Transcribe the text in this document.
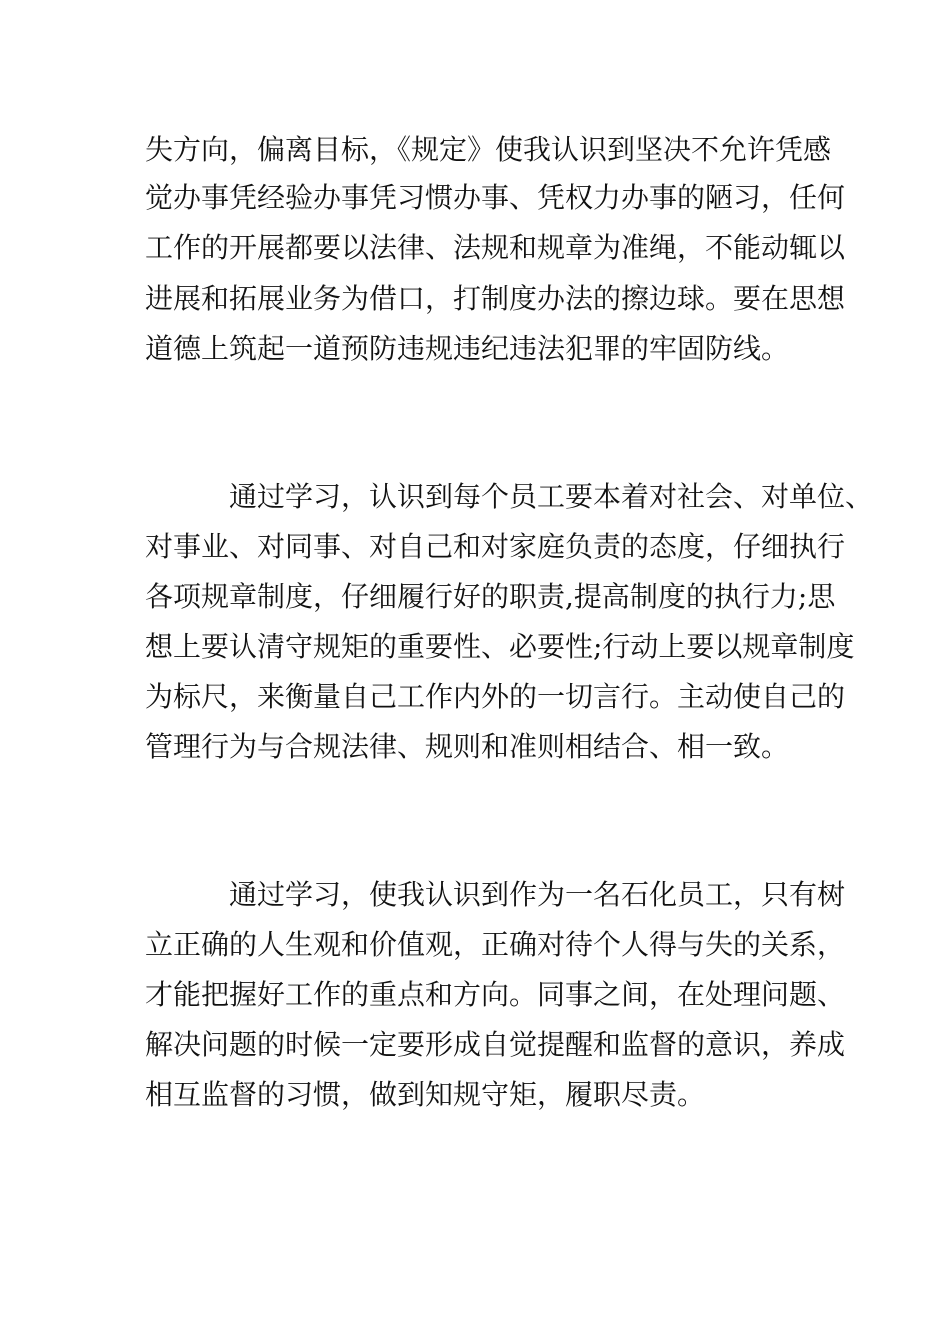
失方向，偏离目标，《规定》使我认识到坚决不允许凭感
觉办事凭经验办事凭习惯办事、凭权力办事的陋习，任何
工作的开展都要以法律、法规和规章为准绳，不能动辄以
进展和拓展业务为借口，打制度办法的擦边球。要在思想
道德上筑起一道预防违规违纪违法犯罪的牢固防线。
通过学习，认识到每个员工要本着对社会、对单位、
对事业、对同事、对自己和对家庭负责的态度，仔细执行
各项规章制度，仔细履行好的职责,提高制度的执行力;思
想上要认清守规矩的重要性、必要性;行动上要以规章制度
为标尺，来衡量自己工作内外的一切言行。主动使自己的
管理行为与合规法律、规则和准则相结合、相一致。
通过学习，使我认识到作为一名石化员工，只有树
立正确的人生观和价值观，正确对待个人得与失的关系，
才能把握好工作的重点和方向。同事之间，在处理问题、
解决问题的时候一定要形成自觉提醒和监督的意识，养成
相互监督的习惯，做到知规守矩，履职尽责。
